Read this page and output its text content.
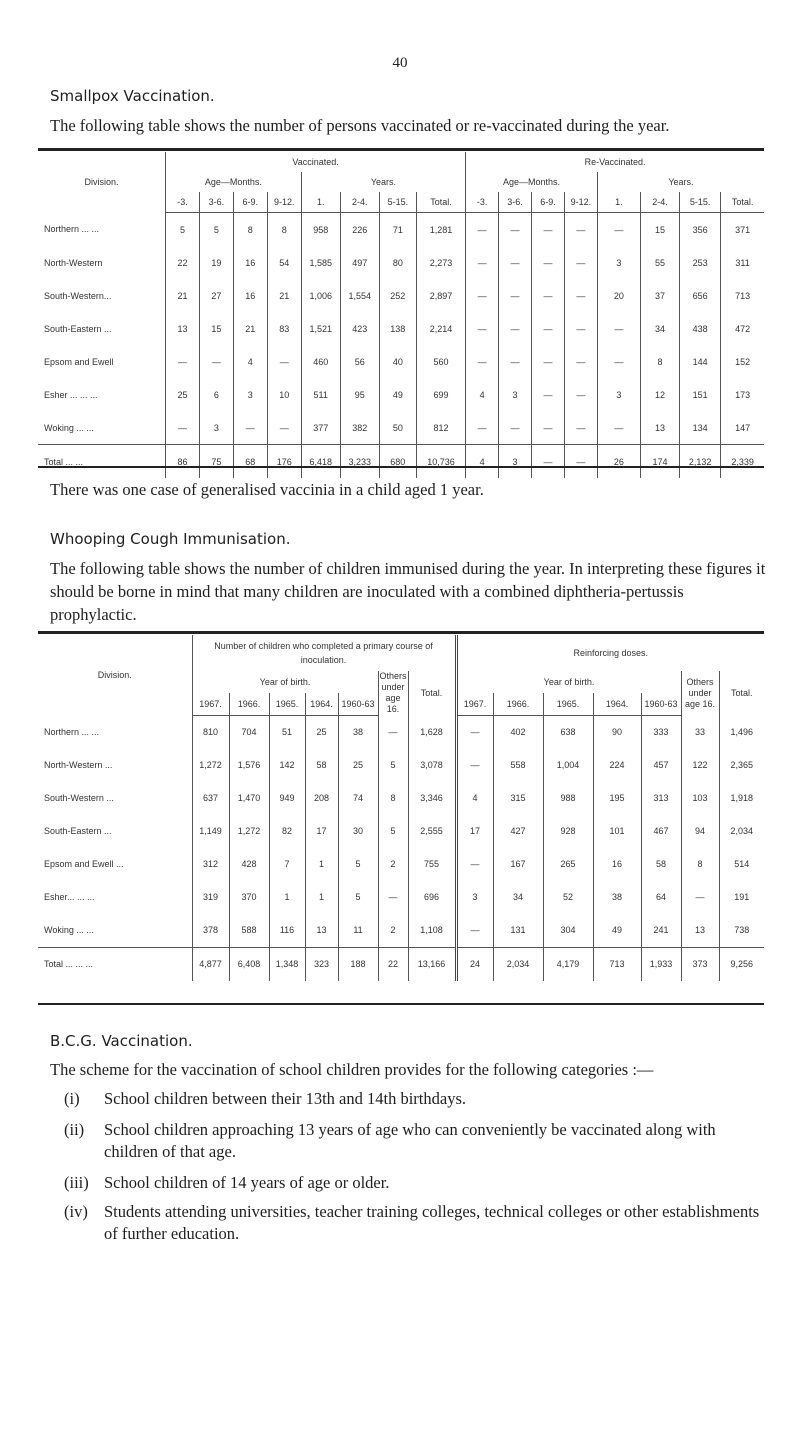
40
Smallpox Vaccination.
The following table shows the number of persons vaccinated or re-vaccinated during the year.
Division.	Vaccinated.								Re-Vaccinated.							
	Age—Months.				Years.				Age—Months.				Years.			
	-3.	3-6.	6-9.	9-12.	1.	2-4.	5-15.	Total.	-3.	3-6.	6-9.	9-12.	1.	2-4.	5-15.	Total.
Northern ... ...	5	5	8	8	958	226	71	1,281	—	—	—	—	—	15	356	371
North-Western	22	19	16	54	1,585	497	80	2,273	—	—	—	—	3	55	253	311
South-Western...	21	27	16	21	1,006	1,554	252	2,897	—	—	—	—	20	37	656	713
South-Eastern ...	13	15	21	83	1,521	423	138	2,214	—	—	—	—	—	34	438	472
Epsom and Ewell	—	—	4	—	460	56	40	560	—	—	—	—	—	8	144	152
Esher ... ... ...	25	6	3	10	511	95	49	699	4	3	—	—	3	12	151	173
Woking ... ...	—	3	—	—	377	382	50	812	—	—	—	—	—	13	134	147
Total ... ...	86	75	68	176	6,418	3,233	680	10,736	4	3	—	—	26	174	2,132	2,339
There was one case of generalised vaccinia in a child aged 1 year.
Whooping Cough Immunisation.
The following table shows the number of children immunised during the year. In interpreting these figures it should be borne in mind that many children are inoculated with a combined diphtheria-pertussis prophylactic.
Division.	Number of children who completed a primary course of inoculation.							Reinforcing doses.						
	Year of birth.					Others under age 16.	Total.	Year of birth.					Others under age 16.	Total.
	1967.	1966.	1965.	1964.	1960-63			1967.	1966.	1965.	1964.	1960-63		
Northern ... ...	810	704	51	25	38	—	1,628	—	402	638	90	333	33	1,496
North-Western ...	1,272	1,576	142	58	25	5	3,078	—	558	1,004	224	457	122	2,365
South-Western ...	637	1,470	949	208	74	8	3,346	4	315	988	195	313	103	1,918
South-Eastern ...	1,149	1,272	82	17	30	5	2,555	17	427	928	101	467	94	2,034
Epsom and Ewell ...	312	428	7	1	5	2	755	—	167	265	16	58	8	514
Esher... ... ...	319	370	1	1	5	—	696	3	34	52	38	64	—	191
Woking ... ...	378	588	116	13	11	2	1,108	—	131	304	49	241	13	738
Total ... ... ...	4,877	6,408	1,348	323	188	22	13,166	24	2,034	4,179	713	1,933	373	9,256
B.C.G. Vaccination.
The scheme for the vaccination of school children provides for the following categories :—
(i) School children between their 13th and 14th birthdays.
(ii) School children approaching 13 years of age who can conveniently be vaccinated along with children of that age.
(iii) School children of 14 years of age or older.
(iv) Students attending universities, teacher training colleges, technical colleges or other establishments of further education.
